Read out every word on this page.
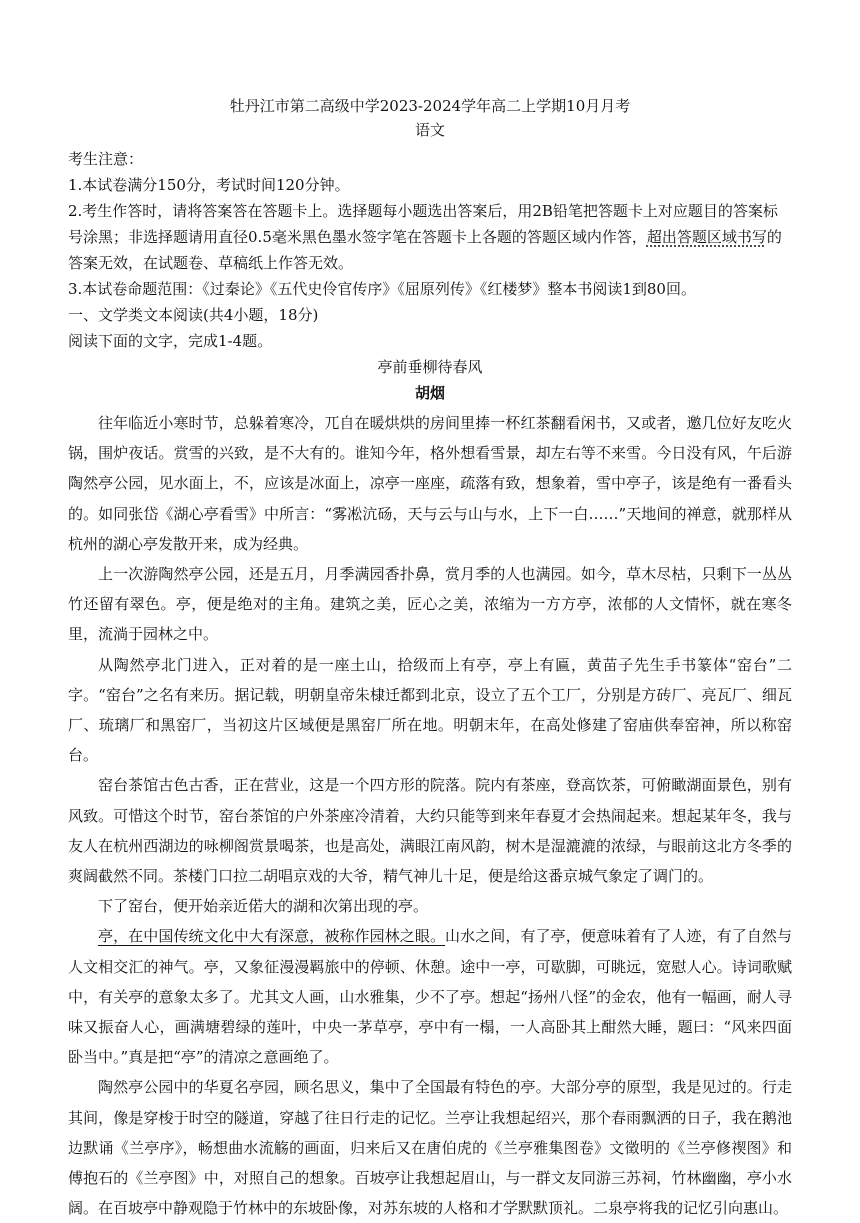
牡丹江市第二高级中学2023-2024学年高二上学期10月月考

语文

考生注意：

1.本试卷满分150分，考试时间120分钟。

2.考生作答时，请将答案答在答题卡上。选择题每小题选出答案后，用2B铅笔把答题卡上对应题目的答案标号涂黑；非选择题请用直径0.5毫米黑色墨水签字笔在答题卡上各题的答题区域内作答，超出答题区域书写的答案无效，在试题卷、草稿纸上作答无效。

3.本试卷命题范围：《过秦论》《五代史伶官传序》《屈原列传》《红楼梦》整本书阅读1到80回。

一、文学类文本阅读(共4小题，18分)

阅读下面的文字，完成1-4题。

亭前垂柳待春风

胡烟

往年临近小寒时节，总躲着寒冷，兀自在暖烘烘的房间里捧一杯红茶翻看闲书，又或者，邀几位好友吃火锅，围炉夜话。赏雪的兴致，是不大有的。谁知今年，格外想看雪景，却左右等不来雪。今日没有风，午后游陶然亭公园，见水面上，不，应该是冰面上，凉亭一座座，疏落有致，想象着，雪中亭子，该是绝有一番看头的。如同张岱《湖心亭看雪》中所言：“雾凇沆砀，天与云与山与水，上下一白……”天地间的禅意，就那样从杭州的湖心亭发散开来，成为经典。

上一次游陶然亭公园，还是五月，月季满园香扑鼻，赏月季的人也满园。如今，草木尽枯，只剩下一丛丛竹还留有翠色。亭，便是绝对的主角。建筑之美，匠心之美，浓缩为一方方亭，浓郁的人文情怀，就在寒冬里，流淌于园林之中。

从陶然亭北门进入，正对着的是一座土山，拾级而上有亭，亭上有匾，黄苗子先生手书篆体“窑台”二字。“窑台”之名有来历。据记载，明朝皇帝朱棣迁都到北京，设立了五个工厂，分别是方砖厂、亮瓦厂、细瓦厂、琉璃厂和黑窑厂，当初这片区域便是黑窑厂所在地。明朝末年，在高处修建了窑庙供奉窑神，所以称窑台。

窑台茶馆古色古香，正在营业，这是一个四方形的院落。院内有茶座，登高饮茶，可俯瞰湖面景色，别有风致。可惜这个时节，窑台茶馆的户外茶座冷清着，大约只能等到来年春夏才会热闹起来。想起某年冬，我与友人在杭州西湖边的咏柳阁赏景喝茶，也是高处，满眼江南风韵，树木是湿漉漉的浓绿，与眼前这北方冬季的爽阔截然不同。茶楼门口拉二胡唱京戏的大爷，精气神儿十足，便是给这番京城气象定了调门的。

下了窑台，便开始亲近偌大的湖和次第出现的亭。

亭，在中国传统文化中大有深意，被称作园林之眼。山水之间，有了亭，便意味着有了人迹，有了自然与人文相交汇的神气。亭，又象征漫漫羁旅中的停顿、休憩。途中一亭，可歇脚，可眺远，宽慰人心。诗词歌赋中，有关亭的意象太多了。尤其文人画，山水雅集，少不了亭。想起“扬州八怪”的金农，他有一幅画，耐人寻味又振奋人心，画满塘碧绿的莲叶，中央一茅草亭，亭中有一榻，一人高卧其上酣然大睡，题曰：“风来四面卧当中。”真是把“亭”的清凉之意画绝了。

陶然亭公园中的华夏名亭园，顾名思义，集中了全国最有特色的亭。大部分亭的原型，我是见过的。行走其间，像是穿梭于时空的隧道，穿越了往日行走的记忆。兰亭让我想起绍兴，那个春雨飘洒的日子，我在鹅池边默诵《兰亭序》，畅想曲水流觞的画面，归来后又在唐伯虎的《兰亭雅集图卷》文徵明的《兰亭修禊图》和傅抱石的《兰亭图》中，对照自己的想象。百坡亭让我想起眉山，与一群文友同游三苏祠，竹林幽幽，亭小水阔。在百坡亭中静观隐于竹林中的东坡卧像，对苏东坡的人格和才学默默顶礼。二泉亭将我的记忆引向惠山。
